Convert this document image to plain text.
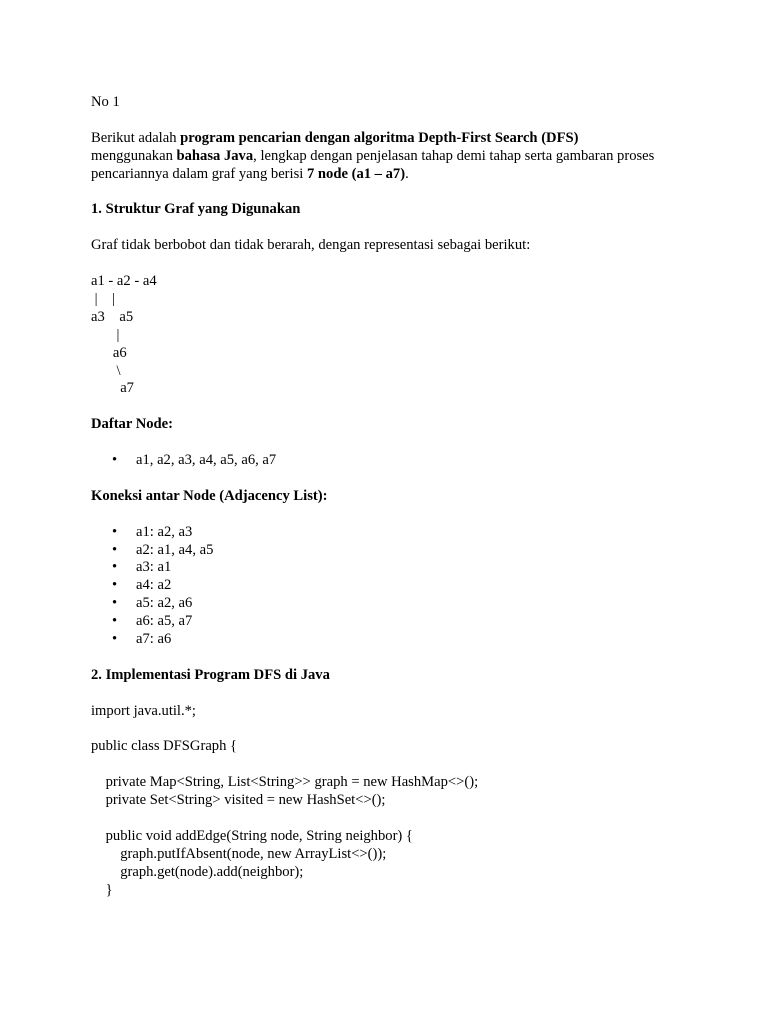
No 1

Berikut adalah program pencarian dengan algoritma Depth-First Search (DFS)

menggunakan bahasa Java, lengkap dengan penjelasan tahap demi tahap serta gambaran proses

pencariannya dalam graf yang berisi 7 node (a1 – a7).

1. Struktur Graf yang Digunakan

Graf tidak berbobot dan tidak berarah, dengan representasi sebagai berikut:

a1 - a2 - a4

|    |

a3    a5

|

a6

\

a7

Daftar Node:

• a1, a2, a3, a4, a5, a6, a7

Koneksi antar Node (Adjacency List):

• a1: a2, a3
• a2: a1, a4, a5
• a3: a1
• a4: a2
• a5: a2, a6
• a6: a5, a7
• a7: a6

2. Implementasi Program DFS di Java

import java.util.*;

public class DFSGraph {

private Map<String, List<String>> graph = new HashMap<>();

private Set<String> visited = new HashSet<>();

public void addEdge(String node, String neighbor) {

graph.putIfAbsent(node, new ArrayList<>());

graph.get(node).add(neighbor);

}
